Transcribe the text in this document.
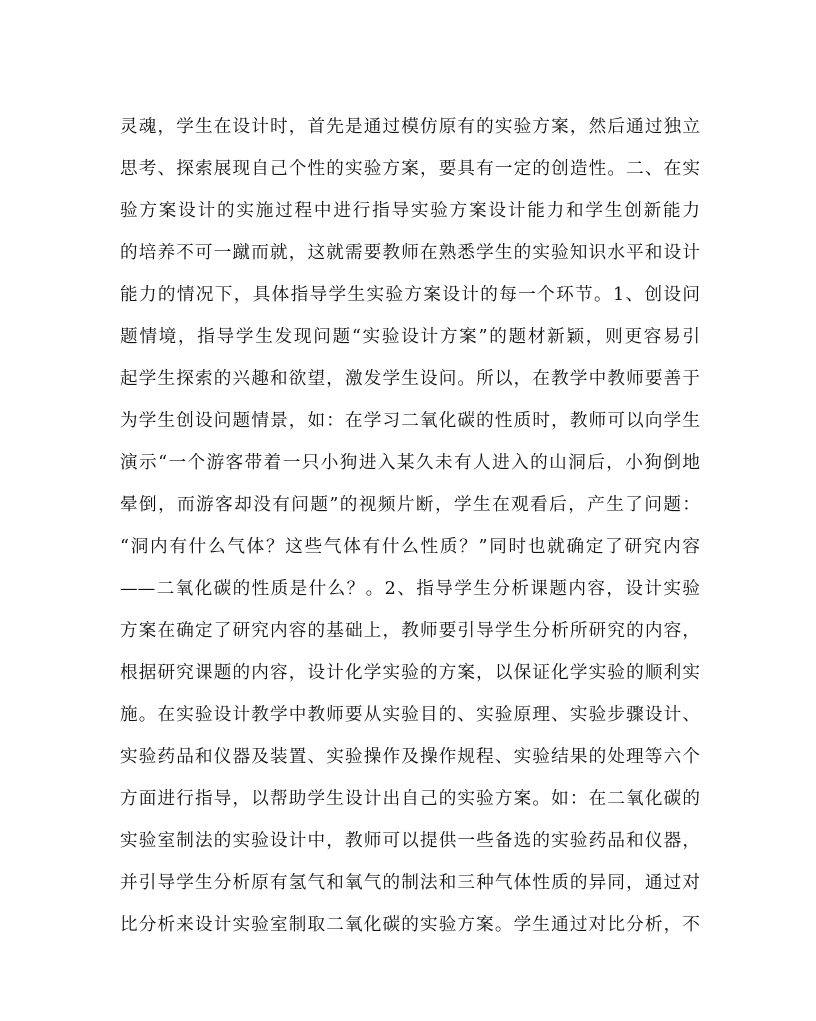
灵魂，学生在设计时，首先是通过模仿原有的实验方案，然后通过独立
思考、探索展现自己个性的实验方案，要具有一定的创造性。二、在实
验方案设计的实施过程中进行指导实验方案设计能力和学生创新能力
的培养不可一蹴而就，这就需要教师在熟悉学生的实验知识水平和设计
能力的情况下，具体指导学生实验方案设计的每一个环节。1、创设问
题情境，指导学生发现问题“实验设计方案”的题材新颖，则更容易引
起学生探索的兴趣和欲望，激发学生设问。所以，在教学中教师要善于
为学生创设问题情景，如：在学习二氧化碳的性质时，教师可以向学生
演示“一个游客带着一只小狗进入某久未有人进入的山洞后，小狗倒地
晕倒，而游客却没有问题”的视频片断，学生在观看后，产生了问题：
“洞内有什么气体？这些气体有什么性质？”同时也就确定了研究内容
——二氧化碳的性质是什么？。2、指导学生分析课题内容，设计实验
方案在确定了研究内容的基础上，教师要引导学生分析所研究的内容，
根据研究课题的内容，设计化学实验的方案，以保证化学实验的顺利实
施。在实验设计教学中教师要从实验目的、实验原理、实验步骤设计、
实验药品和仪器及装置、实验操作及操作规程、实验结果的处理等六个
方面进行指导，以帮助学生设计出自己的实验方案。如：在二氧化碳的
实验室制法的实验设计中，教师可以提供一些备选的实验药品和仪器，
并引导学生分析原有氢气和氧气的制法和三种气体性质的异同，通过对
比分析来设计实验室制取二氧化碳的实验方案。学生通过对比分析，不
